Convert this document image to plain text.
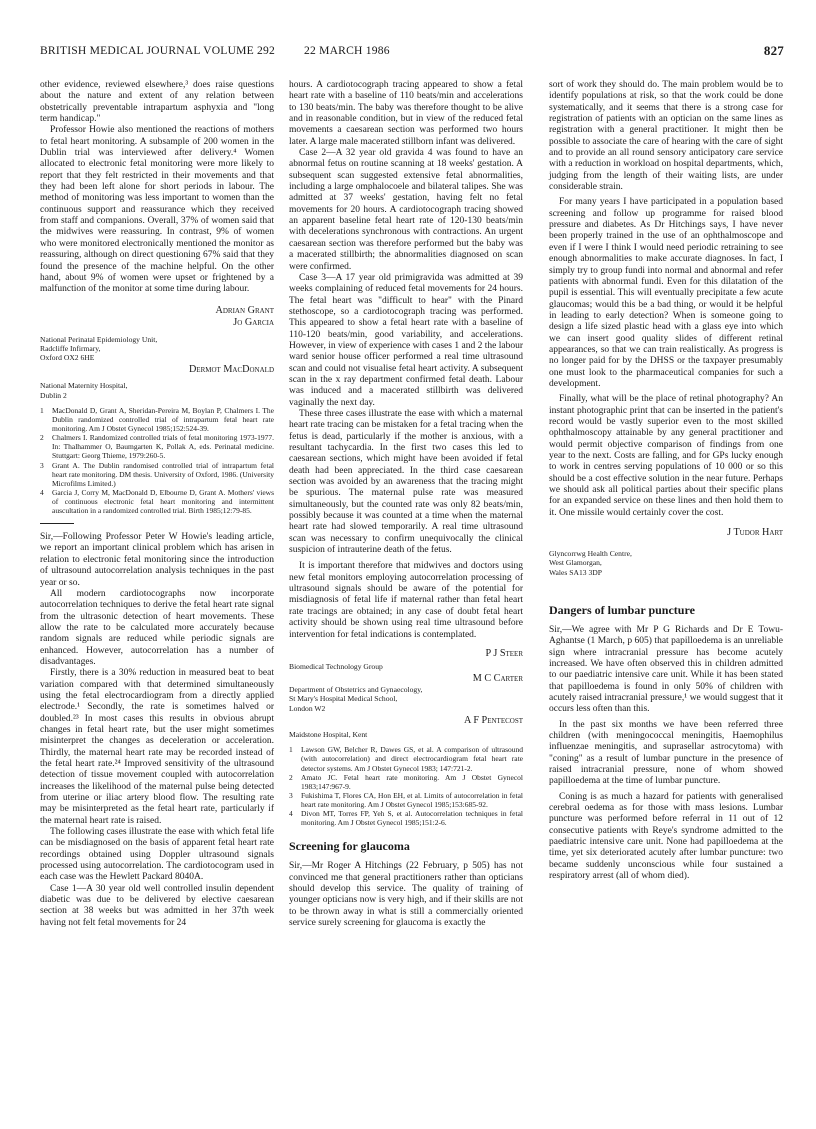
BRITISH MEDICAL JOURNAL VOLUME 292 22 MARCH 1986	827

other evidence, reviewed elsewhere,³ does raise questions about the nature and extent of any relation between obstetrically preventable intrapartum asphyxia and "long term handicap."

Professor Howie also mentioned the reactions of mothers to fetal heart monitoring. A subsample of 200 women in the Dublin trial was interviewed after delivery.⁴ Women allocated to electronic fetal monitoring were more likely to report that they felt restricted in their movements and that they had been left alone for short periods in labour. The method of monitoring was less important to women than the continuous support and reassurance which they received from staff and companions. Overall, 37% of women said that the midwives were reassuring. In contrast, 9% of women who were monitored electronically mentioned the monitor as reassuring, although on direct questioning 67% said that they found the presence of the machine helpful. On the other hand, about 9% of women were upset or frightened by a malfunction of the monitor at some time during labour.

Adrian Grant

Jo Garcia

National Perinatal Epidemiology Unit,

Radcliffe Infirmary,

Oxford OX2 6HE

Dermot MacDonald

National Maternity Hospital,

Dublin 2

1 MacDonald D, Grant A, Sheridan-Pereira M, Boylan P, Chalmers I. The Dublin randomized controlled trial of intrapartum fetal heart rate monitoring. Am J Obstet Gynecol 1985;152:524-39.
2 Chalmers I. Randomized controlled trials of fetal monitoring 1973-1977. In: Thalhammer O, Baumgarten K, Pollak A, eds. Perinatal medicine. Stuttgart: Georg Thieme, 1979:260-5.
3 Grant A. The Dublin randomised controlled trial of intrapartum fetal heart rate monitoring. DM thesis. University of Oxford, 1986. (University Microfilms Limited.)
4 Garcia J, Corry M, MacDonald D, Elbourne D, Grant A. Mothers' views of continuous electronic fetal heart monitoring and intermittent auscultation in a randomized controlled trial. Birth 1985;12:79-85.

Sir,—Following Professor Peter W Howie's leading article, we report an important clinical problem which has arisen in relation to electronic fetal monitoring since the introduction of ultrasound autocorrelation analysis techniques in the past year or so.

All modern cardiotocographs now incorporate autocorrelation techniques to derive the fetal heart rate signal from the ultrasonic detection of heart movements. These allow the rate to be calculated more accurately because random signals are reduced while periodic signals are enhanced. However, autocorrelation has a number of disadvantages.

Firstly, there is a 30% reduction in measured beat to beat variation compared with that determined simultaneously using the fetal electrocardiogram from a directly applied electrode.¹ Secondly, the rate is sometimes halved or doubled.²³ In most cases this results in obvious abrupt changes in fetal heart rate, but the user might sometimes misinterpret the changes as deceleration or acceleration. Thirdly, the maternal heart rate may be recorded instead of the fetal heart rate.²⁴ Improved sensitivity of the ultrasound detection of tissue movement coupled with autocorrelation increases the likelihood of the maternal pulse being detected from uterine or iliac artery blood flow. The resulting rate may be misinterpreted as the fetal heart rate, particularly if the maternal heart rate is raised.

The following cases illustrate the ease with which fetal life can be misdiagnosed on the basis of apparent fetal heart rate recordings obtained using Doppler ultrasound signals processed using autocorrelation. The cardiotocogram used in each case was the Hewlett Packard 8040A.

Case 1—A 30 year old well controlled insulin dependent diabetic was due to be delivered by elective caesarean section at 38 weeks but was admitted in her 37th week having not felt fetal movements for 24

hours. A cardiotocograph tracing appeared to show a fetal heart rate with a baseline of 110 beats/min and accelerations to 130 beats/min. The baby was therefore thought to be alive and in reasonable condition, but in view of the reduced fetal movements a caesarean section was performed two hours later. A large male macerated stillborn infant was delivered.

Case 2—A 32 year old gravida 4 was found to have an abnormal fetus on routine scanning at 18 weeks' gestation. A subsequent scan suggested extensive fetal abnormalities, including a large omphalocoele and bilateral talipes. She was admitted at 37 weeks' gestation, having felt no fetal movements for 20 hours. A cardiotocograph tracing showed an apparent baseline fetal heart rate of 120-130 beats/min with decelerations synchronous with contractions. An urgent caesarean section was therefore performed but the baby was a macerated stillbirth; the abnormalities diagnosed on scan were confirmed.

Case 3—A 17 year old primigravida was admitted at 39 weeks complaining of reduced fetal movements for 24 hours. The fetal heart was "difficult to hear" with the Pinard stethoscope, so a cardiotocograph tracing was performed. This appeared to show a fetal heart rate with a baseline of 110-120 beats/min, good variability, and accelerations. However, in view of experience with cases 1 and 2 the labour ward senior house officer performed a real time ultrasound scan and could not visualise fetal heart activity. A subsequent scan in the x ray department confirmed fetal death. Labour was induced and a macerated stillbirth was delivered vaginally the next day.

These three cases illustrate the ease with which a maternal heart rate tracing can be mistaken for a fetal tracing when the fetus is dead, particularly if the mother is anxious, with a resultant tachycardia. In the first two cases this led to caesarean sections, which might have been avoided if fetal death had been appreciated. In the third case caesarean section was avoided by an awareness that the tracing might be spurious. The maternal pulse rate was measured simultaneously, but the counted rate was only 82 beats/min, possibly because it was counted at a time when the maternal heart rate had slowed temporarily. A real time ultrasound scan was necessary to confirm unequivocally the clinical suspicion of intrauterine death of the fetus.

It is important therefore that midwives and doctors using new fetal monitors employing autocorrelation processing of ultrasound signals should be aware of the potential for misdiagnosis of fetal life if maternal rather than fetal heart rate tracings are obtained; in any case of doubt fetal heart activity should be shown using real time ultrasound before intervention for fetal indications is contemplated.

P J Steer

Biomedical Technology Group

M C Carter

Department of Obstetrics and Gynaecology,

St Mary's Hospital Medical School,

London W2

A F Pentecost

Maidstone Hospital, Kent

1 Lawson GW, Belcher R, Dawes GS, et al. A comparison of ultrasound (with autocorrelation) and direct electrocardiogram fetal heart rate detector systems. Am J Obstet Gynecol 1983; 147:721-2.
2 Amato JC. Fetal heart rate monitoring. Am J Obstet Gynecol 1983;147:967-9.
3 Fukishima T, Flores CA, Hon EH, et al. Limits of autocorrelation in fetal heart rate monitoring. Am J Obstet Gynecol 1985;153:685-92.
4 Divon MT, Torres FP, Yeh S, et al. Autocorrelation techniques in fetal monitoring. Am J Obstet Gynecol 1985;151:2-6.

Screening for glaucoma

Sir,—Mr Roger A Hitchings (22 February, p 505) has not convinced me that general practitioners rather than opticians should develop this service. The quality of training of younger opticians now is very high, and if their skills are not to be thrown away in what is still a commercially oriented service surely screening for glaucoma is exactly the

sort of work they should do. The main problem would be to identify populations at risk, so that the work could be done systematically, and it seems that there is a strong case for registration of patients with an optician on the same lines as registration with a general practitioner. It might then be possible to associate the care of hearing with the care of sight and to provide an all round sensory anticipatory care service with a reduction in workload on hospital departments, which, judging from the length of their waiting lists, are under considerable strain.

For many years I have participated in a population based screening and follow up programme for raised blood pressure and diabetes. As Dr Hitchings says, I have never been properly trained in the use of an ophthalmoscope and even if I were I think I would need periodic retraining to see enough abnormalities to make accurate diagnoses. In fact, I simply try to group fundi into normal and abnormal and refer patients with abnormal fundi. Even for this dilatation of the pupil is essential. This will eventually precipitate a few acute glaucomas; would this be a bad thing, or would it be helpful in leading to early detection? When is someone going to design a life sized plastic head with a glass eye into which we can insert good quality slides of different retinal appearances, so that we can train realistically. As progress is no longer paid for by the DHSS or the taxpayer presumably one must look to the pharmaceutical companies for such a development.

Finally, what will be the place of retinal photography? An instant photographic print that can be inserted in the patient's record would be vastly superior even to the most skilled ophthalmoscopy attainable by any general practitioner and would permit objective comparison of findings from one year to the next. Costs are falling, and for GPs lucky enough to work in centres serving populations of 10 000 or so this should be a cost effective solution in the near future. Perhaps we should ask all political parties about their specific plans for an expanded service on these lines and then hold them to it. One missile would certainly cover the cost.

J Tudor Hart

Glyncorrwg Health Centre,

West Glamorgan,

Wales SA13 3DP

Dangers of lumbar puncture

Sir,—We agree with Mr P G Richards and Dr E Towu-Aghantse (1 March, p 605) that papilloedema is an unreliable sign where intracranial pressure has become acutely increased. We have often observed this in children admitted to our paediatric intensive care unit. While it has been stated that papilloedema is found in only 50% of children with acutely raised intracranial pressure,¹ we would suggest that it occurs less often than this.

In the past six months we have been referred three children (with meningococcal meningitis, Haemophilus influenzae meningitis, and suprasellar astrocytoma) with "coning" as a result of lumbar puncture in the presence of raised intracranial pressure, none of whom showed papilloedema at the time of lumbar puncture.

Coning is as much a hazard for patients with generalised cerebral oedema as for those with mass lesions. Lumbar puncture was performed before referral in 11 out of 12 consecutive patients with Reye's syndrome admitted to the paediatric intensive care unit. None had papilloedema at the time, yet six deteriorated acutely after lumbar puncture: two became suddenly unconscious while four sustained a respiratory arrest (all of whom died).
